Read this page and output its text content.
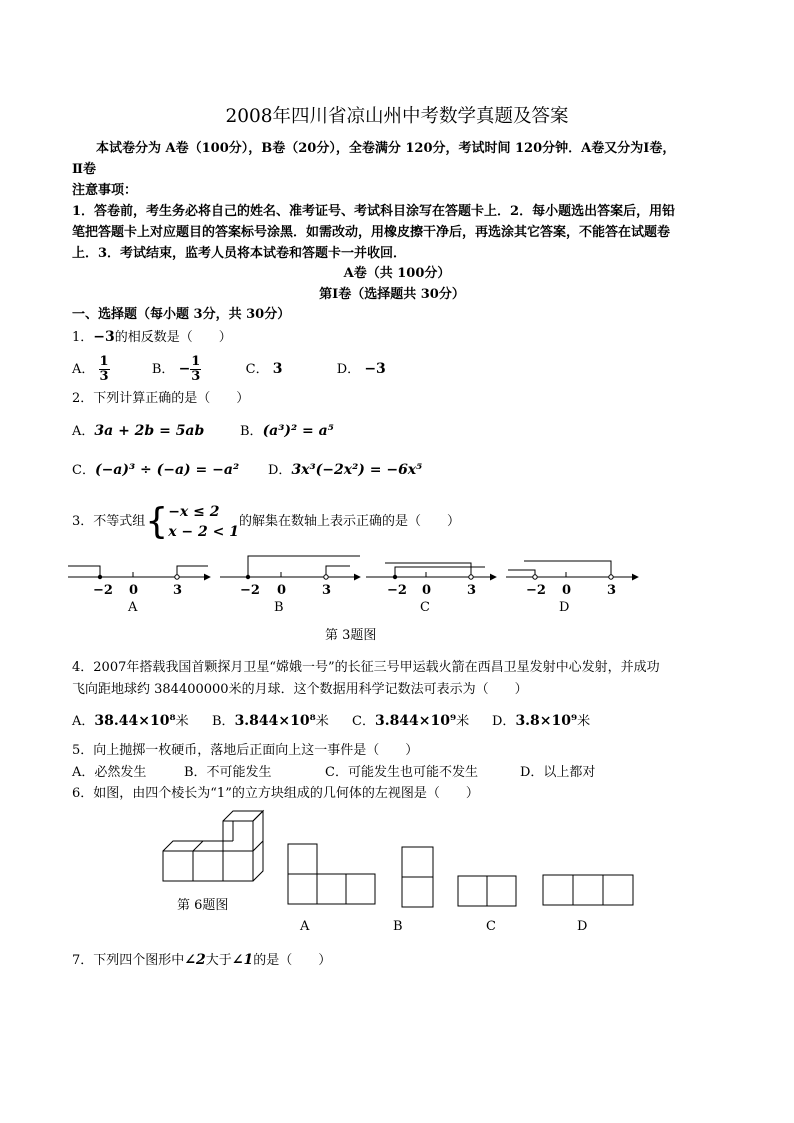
2008年四川省凉山州中考数学真题及答案
本试卷分为 A卷（100分），B卷（20分），全卷满分 120分，考试时间 120分钟．A卷又分为Ⅰ卷，
Ⅱ卷
注意事项：
1．答卷前，考生务必将自己的姓名、准考证号、考试科目涂写在答题卡上．2．每小题选出答案后，用铅
笔把答题卡上对应题目的答案标号涂黑．如需改动，用橡皮擦干净后，再选涂其它答案，不能答在试题卷
上．3．考试结束，监考人员将本试卷和答题卡一并收回．
A卷（共 100分）
第Ⅰ卷（选择题共 30分）
一、选择题（每小题 3分，共 30分）
1．−3的相反数是（　　）
A． $\frac{1}{3}$	B． − $\frac{1}{3}$	C． 3	D． −3
2．下列计算正确的是（　　）
A．3a + 2b = 5ab	B．(a³)² = a⁵
C．(−a)³ ÷ (−a) = −a² D．3x³(−2x²) = −6x⁵
3．不等式组{ −x ≤ 2
x − 2 < 1
的解集在数轴上表示正确的是（　　）
−2 0	3
A
−2 0	3
B
−2 0	3
C
−2 0	3
D
第 3题图
4．2007年搭载我国首颗探月卫星“嫦娥一号”的长征三号甲运载火箭在西昌卫星发射中心发射，并成功
飞向距地球约 384400000米的月球．这个数据用科学记数法可表示为（　　）
A．38.44×10⁸米 B．3.844×10⁸米 C．3.844×10⁹米 D．3.8×10⁹米
5．向上抛掷一枚硬币，落地后正面向上这一事件是（　　）
A．必然发生	B．不可能发生	C．可能发生也可能不发生	D．以上都对
6．如图，由四个棱长为“1”的立方块组成的几何体的左视图是（　　）
第 6题图
A	B	C	D
7．下列四个图形中∠2大于∠1的是（　　）
